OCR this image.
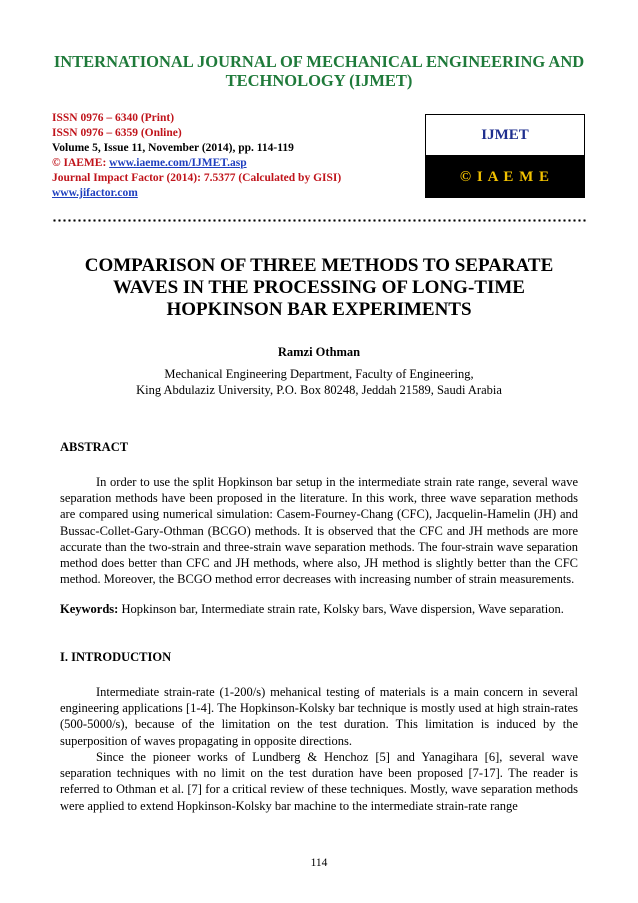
INTERNATIONAL JOURNAL OF MECHANICAL ENGINEERING AND
TECHNOLOGY (IJMET)
ISSN 0976 – 6340 (Print)
ISSN 0976 – 6359 (Online)
Volume 5, Issue 11, November (2014), pp. 114-119
© IAEME: www.iaeme.com/IJMET.asp
Journal Impact Factor (2014): 7.5377 (Calculated by GISI)
www.jifactor.com
IJMET
© I A E M E
COMPARISON OF THREE METHODS TO SEPARATE
WAVES IN THE PROCESSING OF LONG-TIME
HOPKINSON BAR EXPERIMENTS
Ramzi Othman
Mechanical Engineering Department, Faculty of Engineering,
King Abdulaziz University, P.O. Box 80248, Jeddah 21589, Saudi Arabia
ABSTRACT
In order to use the split Hopkinson bar setup in the intermediate strain rate range, several wave separation methods have been proposed in the literature. In this work, three wave separation methods are compared using numerical simulation: Casem-Fourney-Chang (CFC), Jacquelin-Hamelin (JH) and Bussac-Collet-Gary-Othman (BCGO) methods. It is observed that the CFC and JH methods are more accurate than the two-strain and three-strain wave separation methods. The four-strain wave separation method does better than CFC and JH methods, where also, JH method is slightly better than the CFC method. Moreover, the BCGO method error decreases with increasing number of strain measurements.
Keywords: Hopkinson bar, Intermediate strain rate, Kolsky bars, Wave dispersion, Wave separation.
I. INTRODUCTION
Intermediate strain-rate (1-200/s) mehanical testing of materials is a main concern in several engineering applications [1-4]. The Hopkinson-Kolsky bar technique is mostly used at high strain-rates (500-5000/s), because of the limitation on the test duration. This limitation is induced by the superposition of waves propagating in opposite directions.
Since the pioneer works of Lundberg & Henchoz [5] and Yanagihara [6], several wave separation techniques with no limit on the test duration have been proposed [7-17]. The reader is referred to Othman et al. [7] for a critical review of these techniques. Mostly, wave separation methods were applied to extend Hopkinson-Kolsky bar machine to the intermediate strain-rate range
114
